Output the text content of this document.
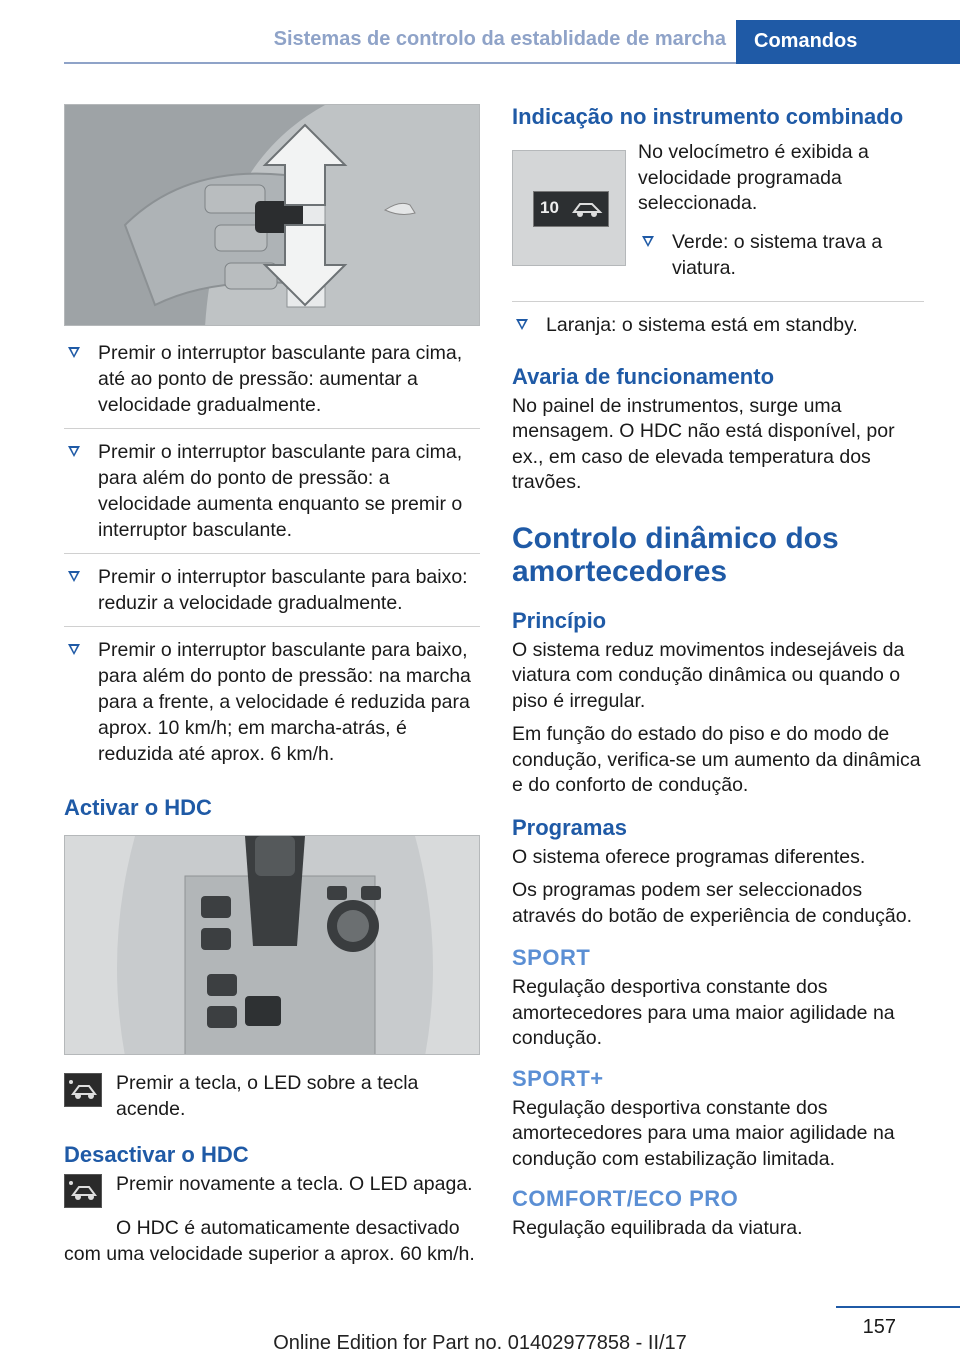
Sistemas de controlo da establidade de marcha	Comandos
Premir o interruptor basculante para cima, até ao ponto de pressão: aumentar a velocidade gradualmente.
Premir o interruptor basculante para cima, para além do ponto de pressão: a velocidade aumenta enquanto se premir o interruptor basculante.
Premir o interruptor basculante para baixo: reduzir a velocidade gradualmente.
Premir o interruptor basculante para baixo, para além do ponto de pressão: na marcha para a frente, a velocidade é reduzida para aprox. 10 km/h; em marcha-atrás, é reduzida até aprox. 6 km/h.
Activar o HDC
Premir a tecla, o LED sobre a tecla acende.
Desactivar o HDC
Premir novamente a tecla. O LED apaga.

O HDC é automaticamente desactivado com uma velocidade superior a aprox. 60 km/h.

Indicação no instrumento combinado
10

No velocímetro é exibida a velocidade programada seleccionada.

Verde: o sistema trava a viatura.
Laranja: o sistema está em standby.
Avaria de funcionamento

No painel de instrumentos, surge uma mensagem. O HDC não está disponível, por ex., em caso de elevada temperatura dos travões.

Controlo dinâmico dos amortecedores
Princípio

O sistema reduz movimentos indesejáveis da viatura com condução dinâmica ou quando o piso é irregular.

Em função do estado do piso e do modo de condução, verifica-se um aumento da dinâmica e do conforto de condução.

Programas

O sistema oferece programas diferentes.

Os programas podem ser seleccionados através do botão de experiência de condução.

SPORT

Regulação desportiva constante dos amortecedores para uma maior agilidade na condução.

SPORT+

Regulação desportiva constante dos amortecedores para uma maior agilidade na condução com estabilização limitada.

COMFORT/ECO PRO

Regulação equilibrada da viatura.

157
Online Edition for Part no. 01402977858 - II/17
